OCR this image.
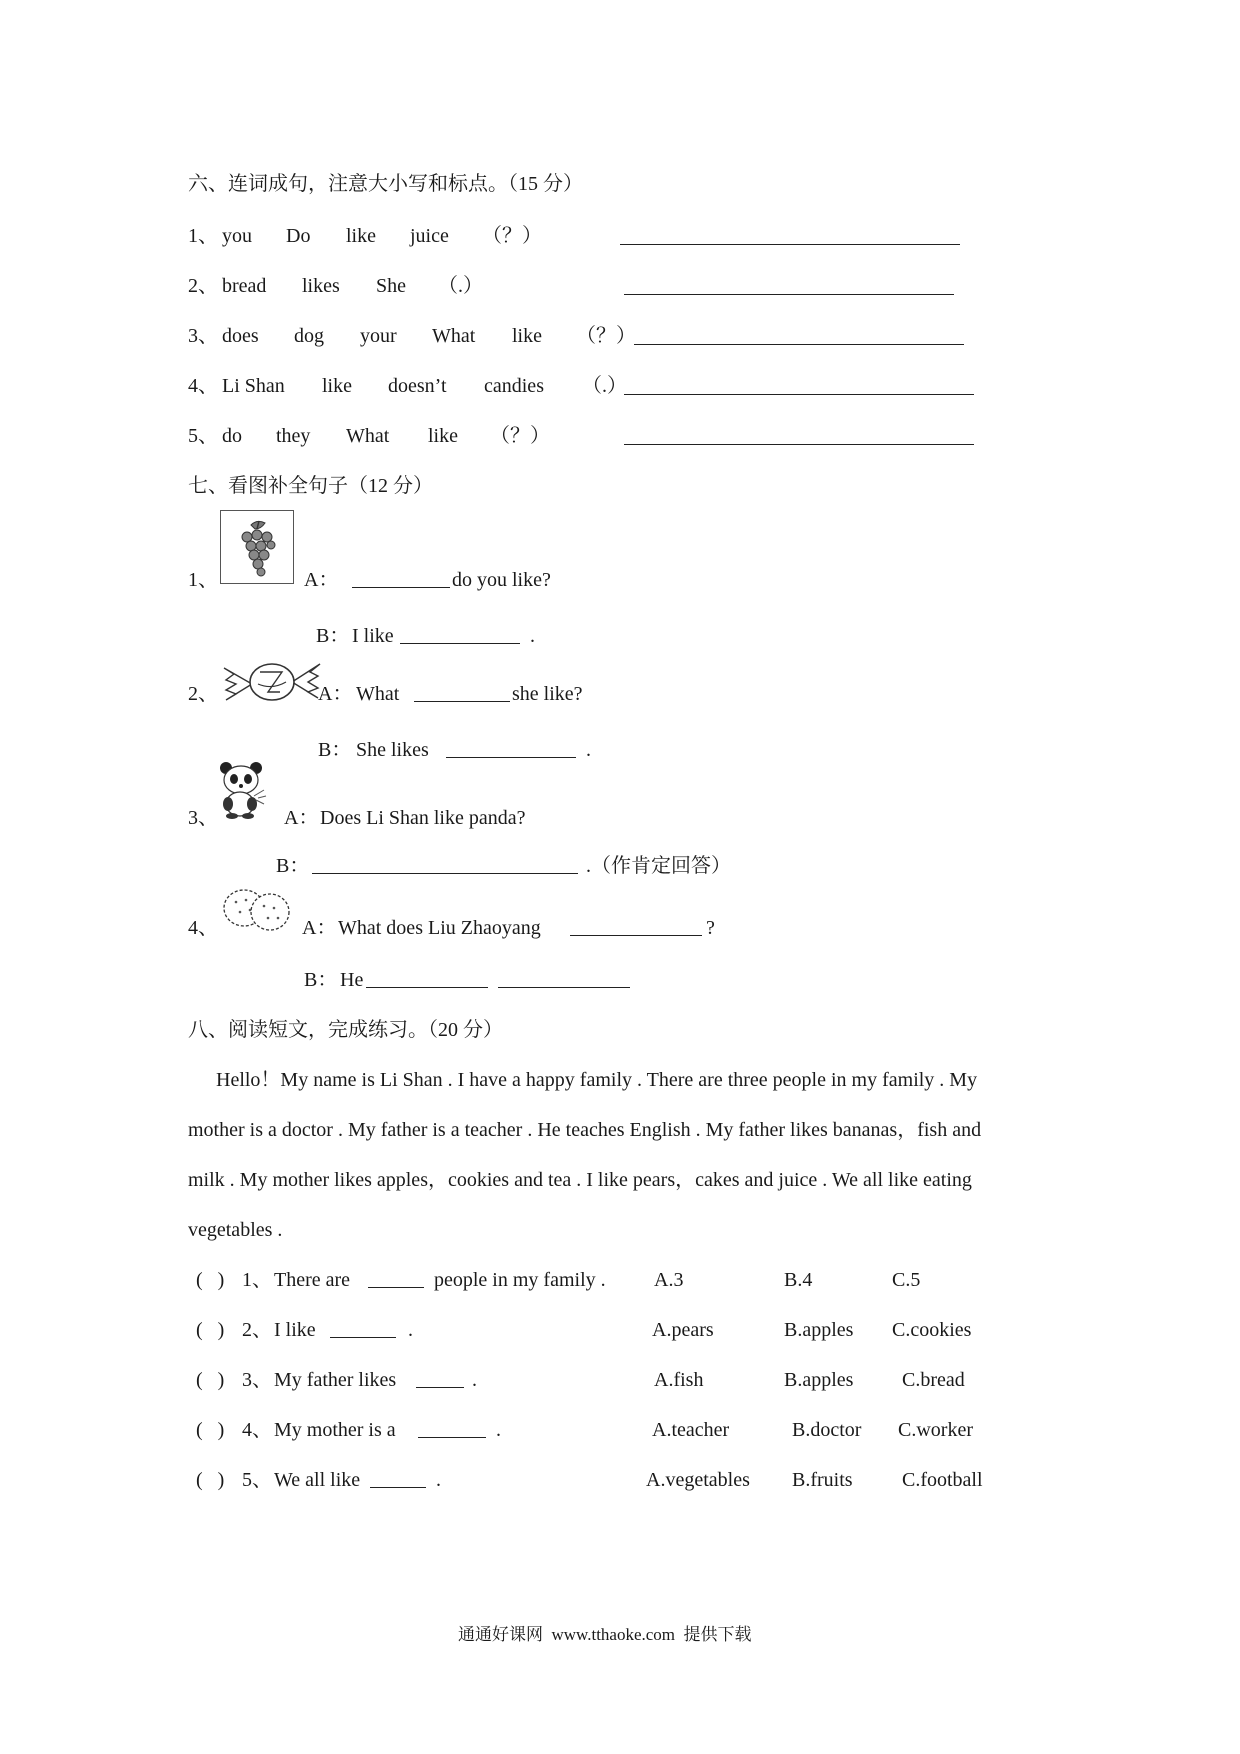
六、连词成句，注意大小写和标点。（15 分）
1、 you Do like juice （？）
2、 bread likes She （.）
3、 does dog your What like （？）
4、 Li Shan like doesn’t candies （.）
5、 do they What like （？）
七、看图补全句子（12 分）
1、	A：	do you like?
B： I like	.
2、	A： What	she like?
B： She likes	.
3、	A： Does Li Shan like panda?
B：	.（作肯定回答）
4、	A： What does Liu Zhaoyang	?
B： He
八、阅读短文，完成练习。（20 分）
Hello！My name is Li Shan . I have a happy family . There are three people in my family . My
mother is a doctor . My father is a teacher . He teaches English . My father likes bananas，fish and
milk . My mother likes apples，cookies and tea . I like pears，cakes and juice . We all like eating
vegetables .
(   ) 1、 There are	people in my family . A.3	B.4	C.5
(   ) 2、 I like	.	A.pears	B.apples C.cookies
(   ) 3、 My father likes	.	A.fish	B.apples C.bread
(   ) 4、 My mother is a	.	A.teacher	B.doctor C.worker
(   ) 5、 We all like	.	A.vegetables B.fruits C.football
通通好课网  www.tthaoke.com  提供下载
